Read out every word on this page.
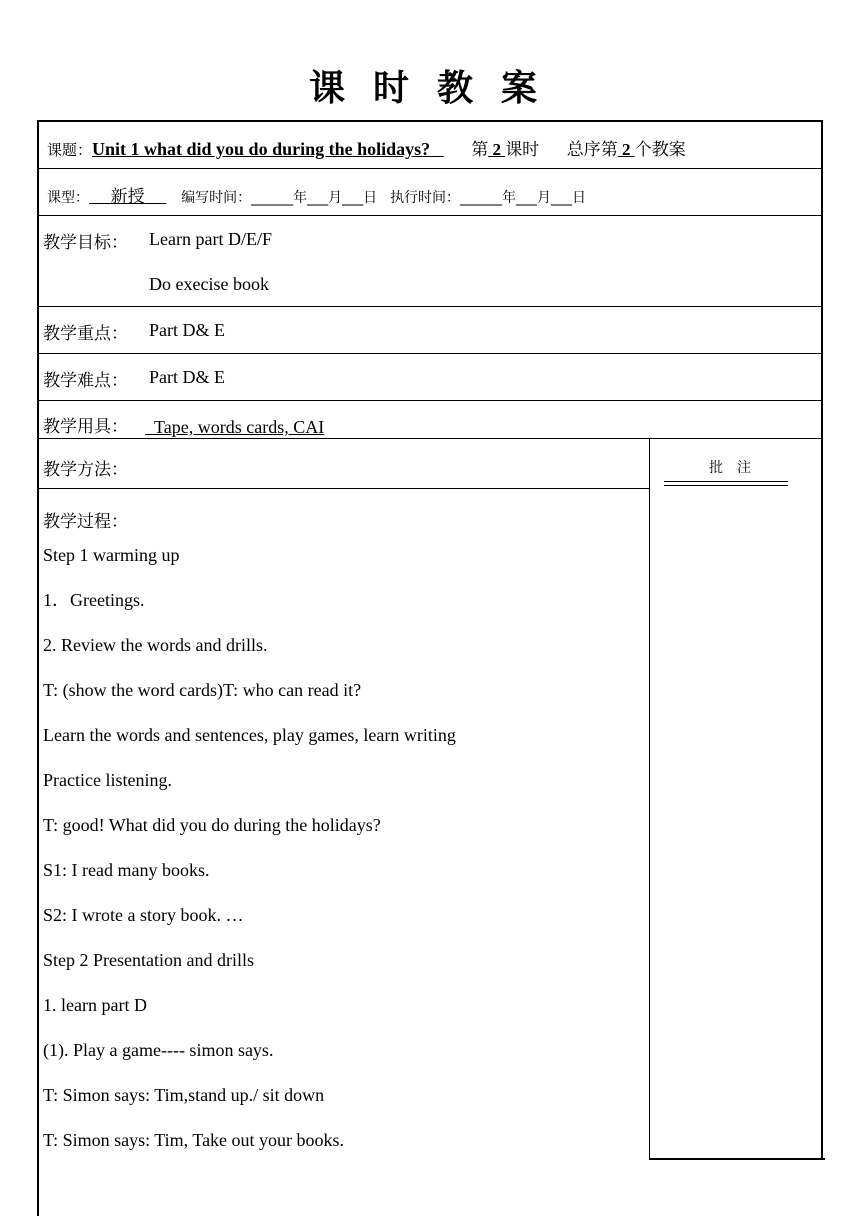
课 时 教 案
课题：Unit 1 what did you do during the holidays? 第 2 课时 总序第 2 个教案
课型： 新授	编写时间：______年___月___日 执行时间：______年___月___日
教学目标： Learn part D/E/F
Do execise book
教学重点： Part D& E
教学难点： Part D& E
教学用具：	Tape, words cards, CAI
教学方法：	批注
教学过程：
Step 1 warming up
1．Greetings.
2. Review the words and drills.
T: (show the word cards)T: who can read it?
Learn the words and sentences, play games, learn writing
Practice listening.
T: good! What did you do during the holidays?
S1: I read many books.
S2: I wrote a story book. …
Step 2 Presentation and drills
1. learn part D
(1). Play a game---- simon says.
T: Simon says: Tim,stand up./ sit down
T: Simon says: Tim, Take out your books.
